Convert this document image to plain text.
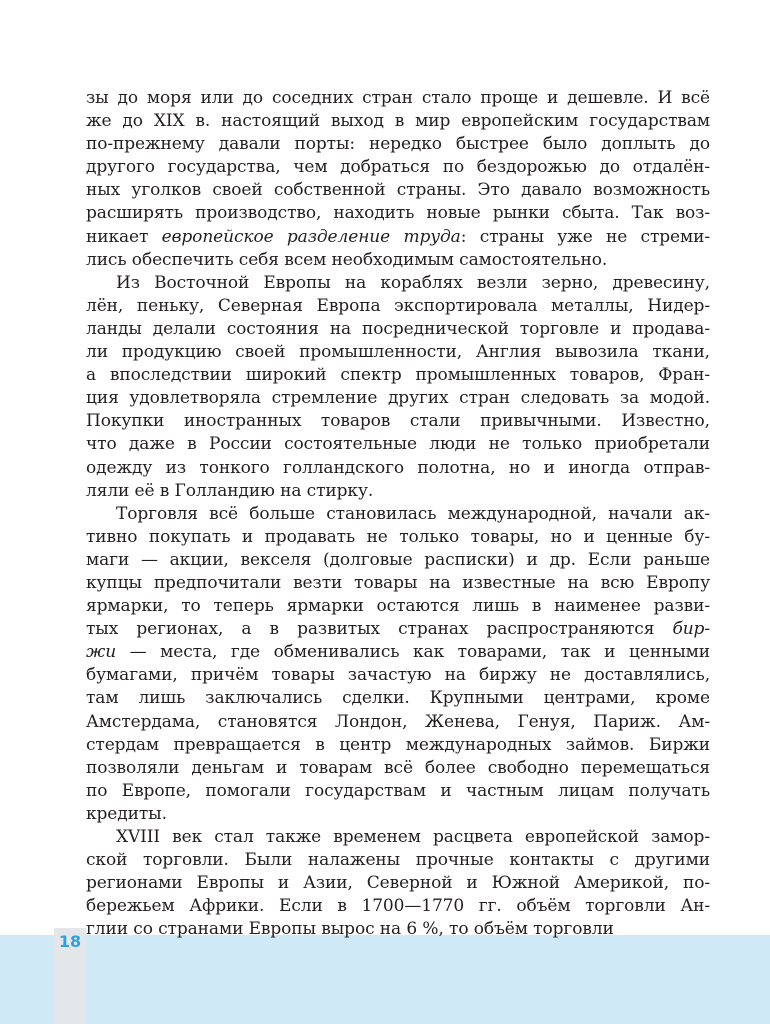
18
зы до моря или до соседних стран стало проще и дешевле. И всё
же до XIX в. настоящий выход в мир европейским государствам
по-прежнему давали порты: нередко быстрее было доплыть до
другого государства, чем добраться по бездорожью до отдалён-
ных уголков своей собственной страны. Это давало возможность
расширять производство, находить новые рынки сбыта. Так воз-
никает европейское разделение труда: страны уже не стреми-
лись обеспечить себя всем необходимым самостоятельно.
Из Восточной Европы на кораблях везли зерно, древесину,
лён, пеньку, Северная Европа экспортировала металлы, Нидер-
ланды делали состояния на посреднической торговле и продава-
ли продукцию своей промышленности, Англия вывозила ткани,
а впоследствии широкий спектр промышленных товаров, Фран-
ция удовлетворяла стремление других стран следовать за модой.
Покупки иностранных товаров стали привычными. Известно,
что даже в России состоятельные люди не только приобретали
одежду из тонкого голландского полотна, но и иногда отправ-
ляли её в Голландию на стирку.
Торговля всё больше становилась международной, начали ак-
тивно покупать и продавать не только товары, но и ценные бу-
маги — акции, векселя (долговые расписки) и др. Если раньше
купцы предпочитали везти товары на известные на всю Европу
ярмарки, то теперь ярмарки остаются лишь в наименее разви-
тых регионах, а в развитых странах распространяются бир-
жи — места, где обменивались как товарами, так и ценными
бумагами, причём товары зачастую на биржу не доставлялись,
там лишь заключались сделки. Крупными центрами, кроме
Амстердама, становятся Лондон, Женева, Генуя, Париж. Ам-
стердам превращается в центр международных займов. Биржи
позволяли деньгам и товарам всё более свободно перемещаться
по Европе, помогали государствам и частным лицам получать
кредиты.
XVIII век стал также временем расцвета европейской замор-
ской торговли. Были налажены прочные контакты с другими
регионами Европы и Азии, Северной и Южной Америкой, по-
бережьем Африки. Если в 1700—1770 гг. объём торговли Ан-
глии со странами Европы вырос на 6 %, то объём торговли
